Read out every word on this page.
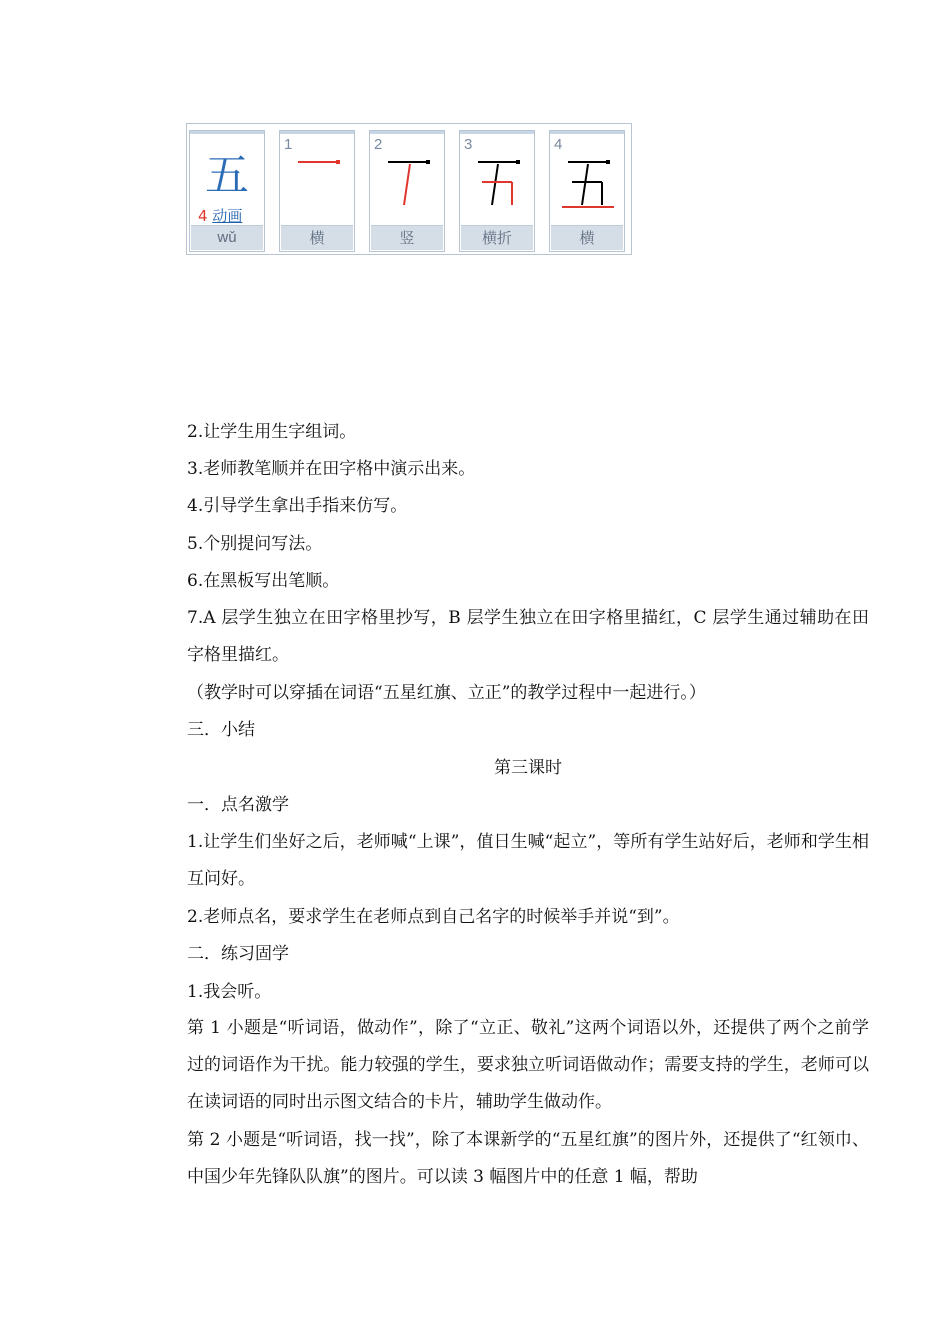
五
4 动画
wǔ
1
横
2
竖
3
横折
4
横
2.让学生用生字组词。
3.老师教笔顺并在田字格中演示出来。
4.引导学生拿出手指来仿写。
5.个别提问写法。
6.在黑板写出笔顺。
7.A 层学生独立在田字格里抄写，B 层学生独立在田字格里描红，C 层学生通过辅助在田字格里描红。
（教学时可以穿插在词语“五星红旗、立正”的教学过程中一起进行。）
三．小结
第三课时
一．点名激学
1.让学生们坐好之后，老师喊“上课”，值日生喊“起立”，等所有学生站好后，老师和学生相互问好。
2.老师点名，要求学生在老师点到自己名字的时候举手并说“到”。
二．练习固学
1.我会听。
第 1 小题是“听词语，做动作”，除了“立正、敬礼”这两个词语以外，还提供了两个之前学过的词语作为干扰。能力较强的学生，要求独立听词语做动作；需要支持的学生，老师可以在读词语的同时出示图文结合的卡片，辅助学生做动作。
第 2 小题是“听词语，找一找”，除了本课新学的“五星红旗”的图片外，还提供了“红领巾、中国少年先锋队队旗”的图片。可以读 3 幅图片中的任意 1 幅，帮助
